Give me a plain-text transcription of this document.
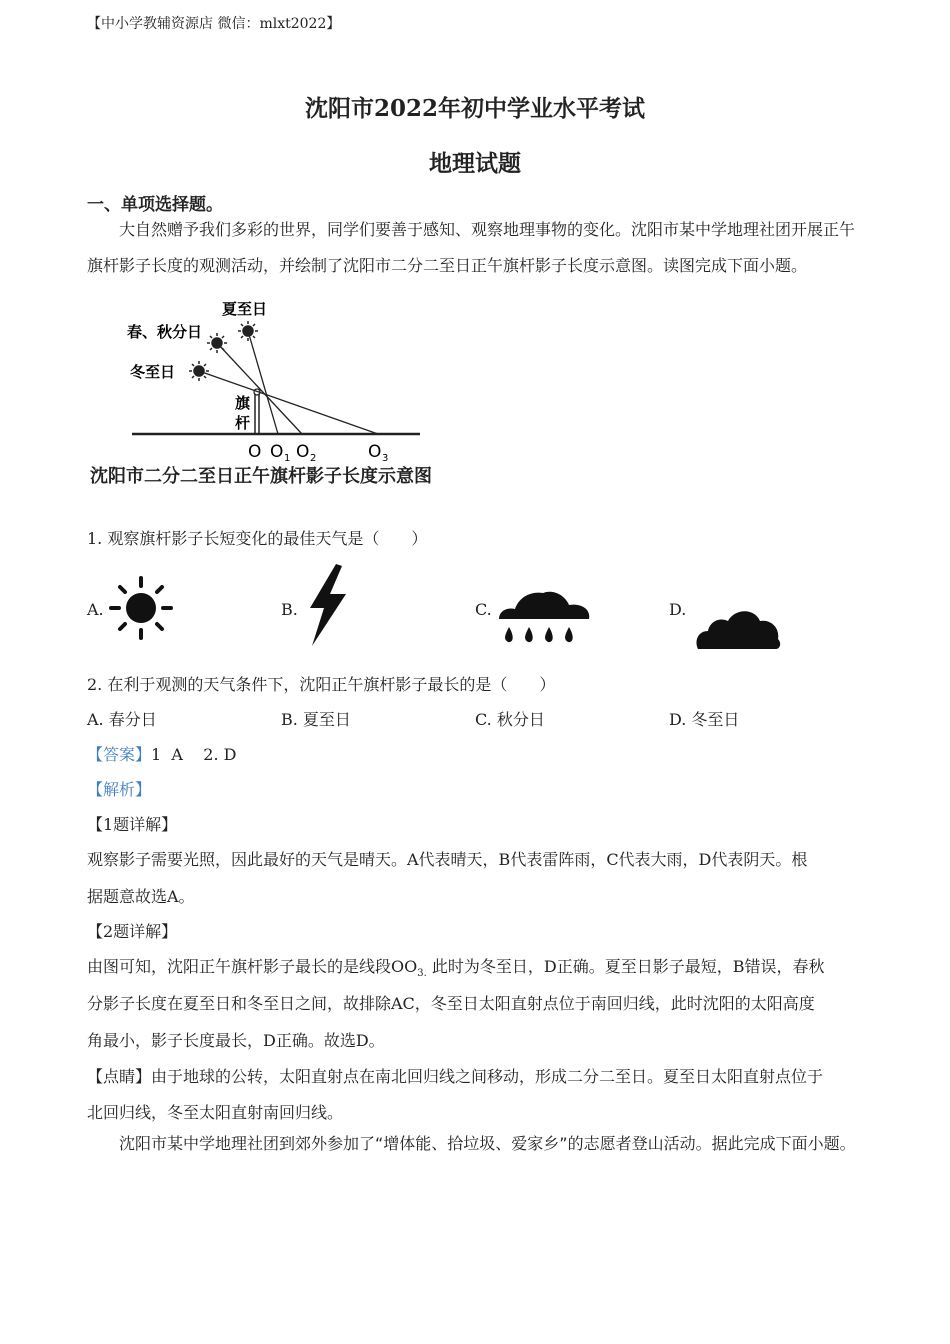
【中小学教辅资源店 微信：mlxt2022】
沈阳市2022年初中学业水平考试
地理试题
一、单项选择题。
大自然赠予我们多彩的世界，同学们要善于感知、观察地理事物的变化。沈阳市某中学地理社团开展正午旗杆影子长度的观测活动，并绘制了沈阳市二分二至日正午旗杆影子长度示意图。读图完成下面小题。
夏至日
春、秋分日
冬至日
旗
杆
O O 1 O 2	O 3
沈阳市二分二至日正午旗杆影子长度示意图
1. 观察旗杆影子长短变化的最佳天气是（　　）
A.	B.	C.	D.
2. 在利于观测的天气条件下，沈阳正午旗杆影子最长的是（　　）
A. 春分日	B. 夏至日	C. 秋分日	D. 冬至日
【答案】1  A    2. D
【解析】
【1题详解】
观察影子需要光照，因此最好的天气是晴天。A代表晴天，B代表雷阵雨，C代表大雨，D代表阴天。根
据题意故选A。
【2题详解】
由图可知，沈阳正午旗杆影子最长的是线段$OO_{3.}$ 此时为冬至日，D正确。夏至日影子最短，B错误，春秋
分影子长度在夏至日和冬至日之间，故排除AC，冬至日太阳直射点位于南回归线，此时沈阳的太阳高度
角最小，影子长度最长，D正确。故选D。
【点睛】由于地球的公转，太阳直射点在南北回归线之间移动，形成二分二至日。夏至日太阳直射点位于
北回归线，冬至太阳直射南回归线。
沈阳市某中学地理社团到郊外参加了“增体能、拾垃圾、爱家乡”的志愿者登山活动。据此完成下面小题。
